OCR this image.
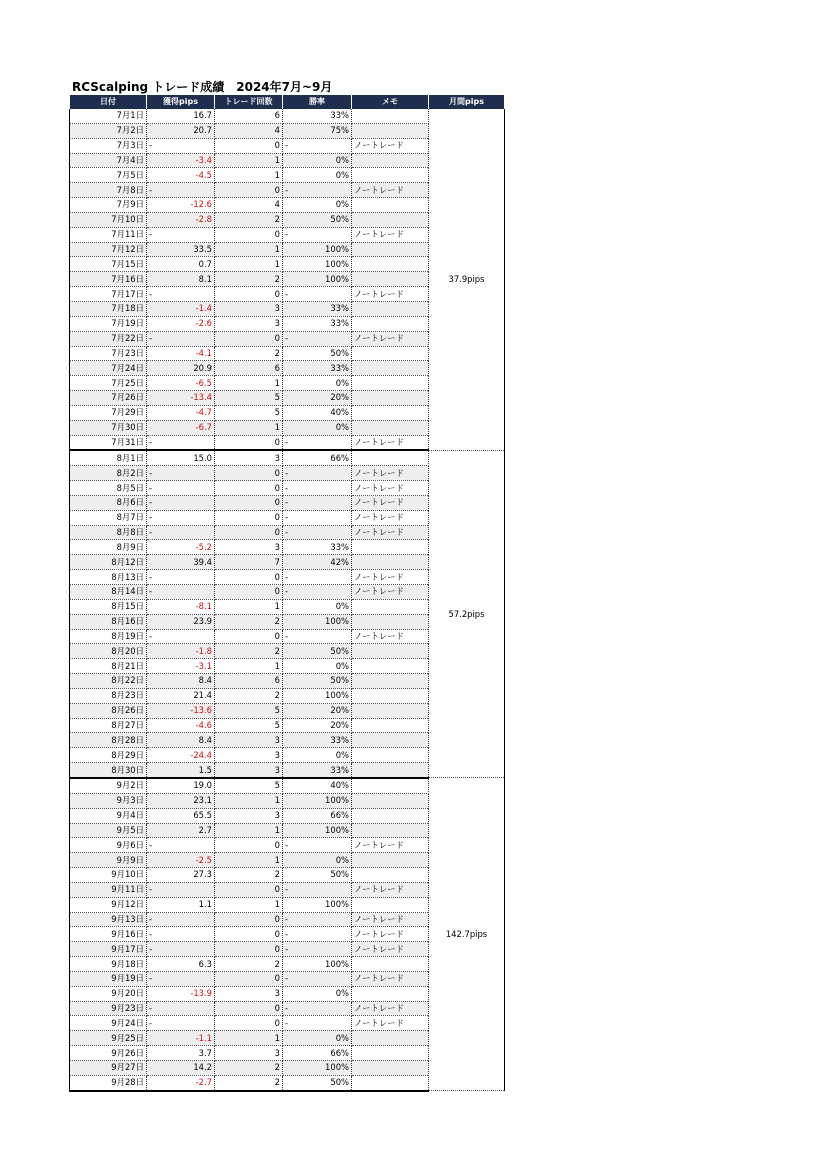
RCScalping トレード成績　2024年7月~9月
日付	獲得pips	トレード回数	勝率	メモ	月間pips
7月1日	16.7	6	33%		37.9pips
7月2日	20.7	4	75%		
7月3日	-	0	-	ノートレード	
7月4日	-3.4	1	0%		
7月5日	-4.5	1	0%		
7月8日	-	0	-	ノートレード	
7月9日	-12.6	4	0%		
7月10日	-2.8	2	50%		
7月11日	-	0	-	ノートレード	
7月12日	33.5	1	100%		
7月15日	0.7	1	100%		
7月16日	8.1	2	100%		
7月17日	-	0	-	ノートレード	
7月18日	-1.4	3	33%		
7月19日	-2.6	3	33%		
7月22日	-	0	-	ノートレード	
7月23日	-4.1	2	50%		
7月24日	20.9	6	33%		
7月25日	-6.5	1	0%		
7月26日	-13.4	5	20%		
7月29日	-4.7	5	40%		
7月30日	-6.7	1	0%		
7月31日	-	0	-	ノートレード	
8月1日	15.0	3	66%		57.2pips
8月2日	-	0	-	ノートレード	
8月5日	-	0	-	ノートレード	
8月6日	-	0	-	ノートレード	
8月7日	-	0	-	ノートレード	
8月8日	-	0	-	ノートレード	
8月9日	-5.2	3	33%		
8月12日	39.4	7	42%		
8月13日	-	0	-	ノートレード	
8月14日	-	0	-	ノートレード	
8月15日	-8.1	1	0%		
8月16日	23.9	2	100%		
8月19日	-	0	-	ノートレード	
8月20日	-1.8	2	50%		
8月21日	-3.1	1	0%		
8月22日	8.4	6	50%		
8月23日	21.4	2	100%		
8月26日	-13.6	5	20%		
8月27日	-4.6	5	20%		
8月28日	8.4	3	33%		
8月29日	-24.4	3	0%		
8月30日	1.5	3	33%		
9月2日	19.0	5	40%		142.7pips
9月3日	23.1	1	100%		
9月4日	65.5	3	66%		
9月5日	2.7	1	100%		
9月6日	-	0	-	ノートレード	
9月9日	-2.5	1	0%		
9月10日	27.3	2	50%		
9月11日	-	0	-	ノートレード	
9月12日	1.1	1	100%		
9月13日	-	0	-	ノートレード	
9月16日	-	0	-	ノートレード	
9月17日	-	0	-	ノートレード	
9月18日	6.3	2	100%		
9月19日	-	0	-	ノートレード	
9月20日	-13.9	3	0%		
9月23日	-	0	-	ノートレード	
9月24日	-	0	-	ノートレード	
9月25日	-1.1	1	0%		
9月26日	3.7	3	66%		
9月27日	14.2	2	100%		
9月28日	-2.7	2	50%		
